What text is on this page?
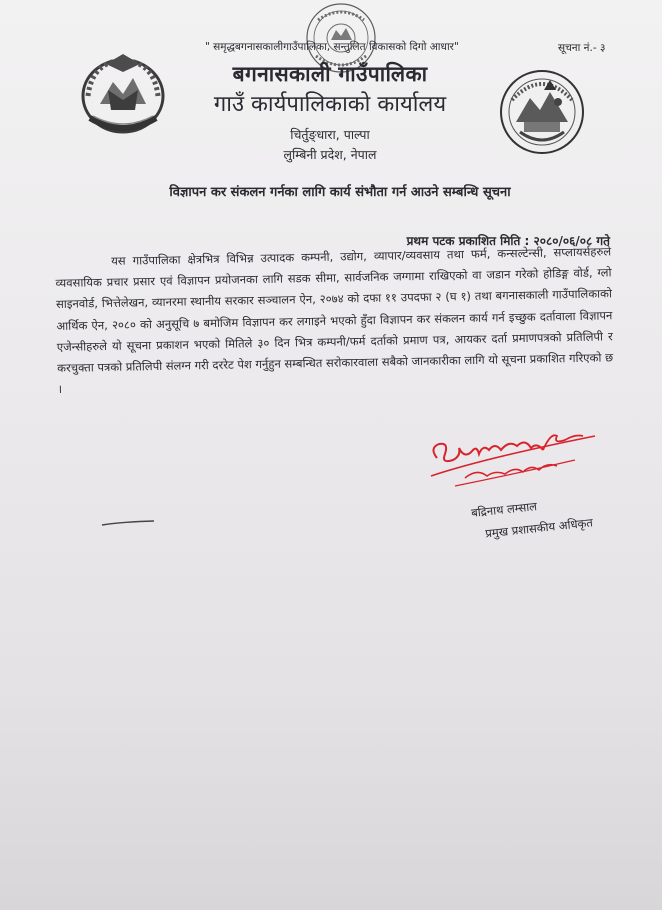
" समृद्धबगनासकालीगाउँपालिका, सन्तुलित विकासको दिगो आधार"	सूचना नं.- ३
बगनासकाली गाउँपालिका
गाउँ कार्यपालिकाको कार्यालय
चिर्तुङ्धारा, पाल्पा
लुम्बिनी प्रदेश, नेपाल
विज्ञापन कर संकलन गर्नका लागि कार्य संभौता गर्न आउने सम्बन्धि सूचना
प्रथम पटक प्रकाशित मिति : २०८०/०६/०८ गते
यस गाउँपालिका क्षेत्रभित्र विभिन्न उत्पादक कम्पनी, उद्योग, व्यापार/व्यवसाय तथा फर्म, कन्सल्टेन्सी, सप्लायर्सहरुले व्यवसायिक प्रचार प्रसार एवं विज्ञापन प्रयोजनका लागि सडक सीमा, सार्वजनिक जग्गामा राखिएको वा जडान गरेको होडिङ्ग वोर्ड, ग्लो साइनवोर्ड, भित्तेलेखन, व्यानरमा स्थानीय सरकार सञ्चालन ऐन, २०७४ को दफा ११ उपदफा २ (घ १) तथा बगनासकाली गाउँपालिकाको आर्थिक ऐन, २०८० को अनुसूचि ७ बमोजिम विज्ञापन कर लगाइने भएको हुँदा विज्ञापन कर संकलन कार्य गर्न इच्छुक दर्तावाला विज्ञापन एजेन्सीहरुले यो सूचना प्रकाशन भएको मितिले ३० दिन भित्र कम्पनी/फर्म दर्ताको प्रमाण पत्र, आयकर दर्ता प्रमाणपत्रको प्रतिलिपी र करचुक्ता पत्रको प्रतिलिपी संलग्न गरी दररेट पेश गर्नुहुन सम्बन्धित सरोकारवाला सबैको जानकारीका लागि यो सूचना प्रकाशित गरिएको छ ।
बद्रिनाथ लम्साल
प्रमुख प्रशासकीय अधिकृत
